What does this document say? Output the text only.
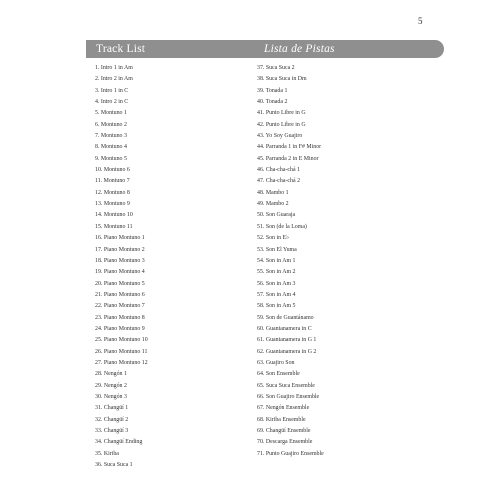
5
Track List
1. Intro 1 in Am
2. Intro 2 in Am
3. Intro 1 in C
4. Intro 2 in C
5. Montuno 1
6. Montuno 2
7. Montuno 3
8. Montuno 4
9. Montuno 5
10. Montuno 6
11. Montuno 7
12. Montuno 8
13. Montuno 9
14. Montuno 10
15. Montuno 11
16. Piano Montuno 1
17. Piano Montuno 2
18. Piano Montuno 3
19. Piano Montuno 4
20. Piano Montuno 5
21. Piano Montuno 6
22. Piano Montuno 7
23. Piano Montuno 8
24. Piano Montuno 9
25. Piano Montuno 10
26. Piano Montuno 11
27. Piano Montuno 12
28. Nengón 1
29. Nengón 2
30. Nengón 3
31. Changüí 1
32. Changüí 2
33. Changüí 3
34. Changüí Ending
35. Kiriba
36. Suca Suca 1
Lista de Pistas
37. Suca Suca 2
38. Suca Suca in Dm
39. Tonada 1
40. Tonada 2
41. Punto Libre in G
42. Punto Libre in G
43. Yo Soy Guajiro
44. Parranda 1 in F# Minor
45. Parranda 2 in E Minor
46. Cha-cha-chá 1
47. Cha-cha-chá 2
48. Mambo 1
49. Mambo 2
50. Son Guaraja
51. Son (de la Loma)
52. Son in E♭
53. Son El Yuma
54. Son in Am 1
55. Son in Am 2
56. Son in Am 3
57. Son in Am 4
58. Son in Am 5
59. Son de Guantánamo
60. Guantanamera in C
61. Guantanamera in G 1
62. Guantanamera in G 2
63. Guajiro Son
64. Son Ensemble
65. Suca Suca Ensemble
66. Son Guajiro Ensemble
67. Nengón Ensemble
68. Kiriba Ensemble
69. Changüí Ensemble
70. Descarga Ensemble
71. Punto Guajiro Ensemble
